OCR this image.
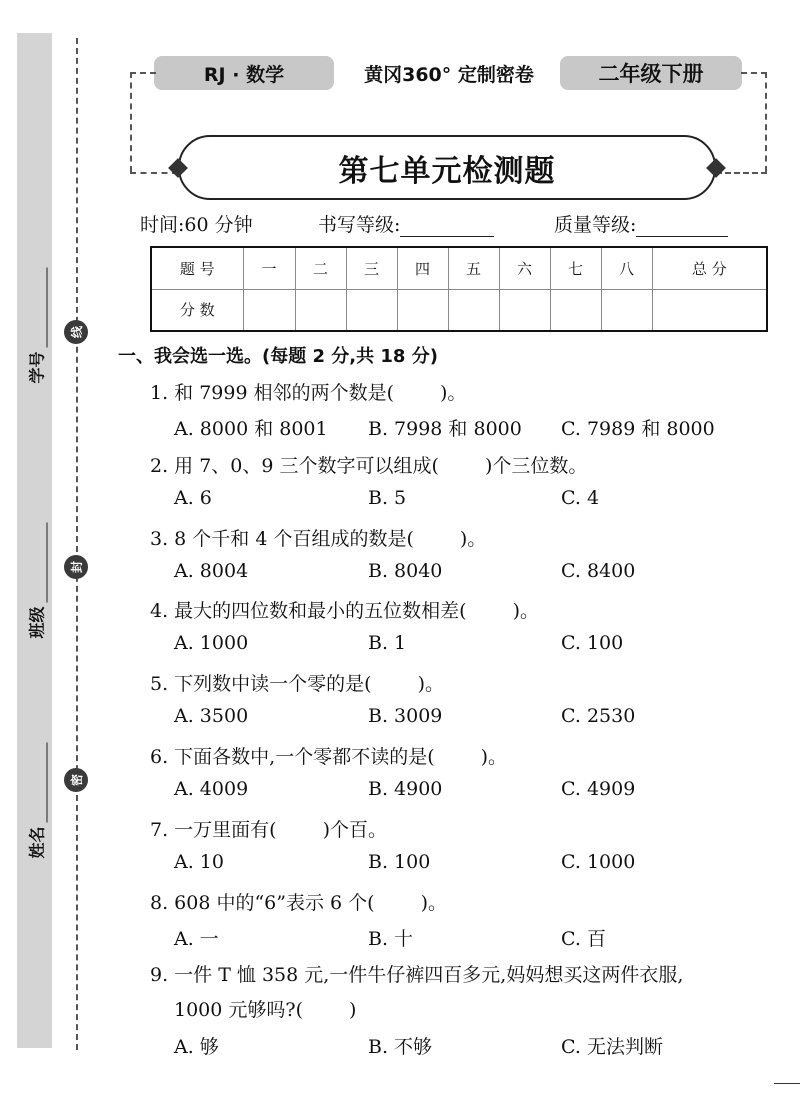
学号
班级
姓名
线
封
密
RJ · 数学	黄冈360° 定制密卷	二年级下册
第七单元检测题
时间:60 分钟	书写等级:	质量等级:
题 号	一	二	三	四	五	六	七	八	总 分
分 数									
一、我会选一选。(每题 2 分,共 18 分)
1. 和 7999 相邻的两个数是( )。
A. 8000 和 8001 B. 7998 和 8000 C. 7989 和 8000
2. 用 7、0、9 三个数字可以组成( )个三位数。
A. 6	B. 5	C. 4
3. 8 个千和 4 个百组成的数是( )。
A. 8004	B. 8040	C. 8400
4. 最大的四位数和最小的五位数相差( )。
A. 1000	B. 1	C. 100
5. 下列数中读一个零的是( )。
A. 3500	B. 3009	C. 2530
6. 下面各数中,一个零都不读的是( )。
A. 4009	B. 4900	C. 4909
7. 一万里面有( )个百。
A. 10	B. 100	C. 1000
8. 608 中的“6”表示 6 个( )。
A. 一	B. 十	C. 百
9. 一件 T 恤 358 元,一件牛仔裤四百多元,妈妈想买这两件衣服,
1000 元够吗?( )
A. 够	B. 不够	C. 无法判断
